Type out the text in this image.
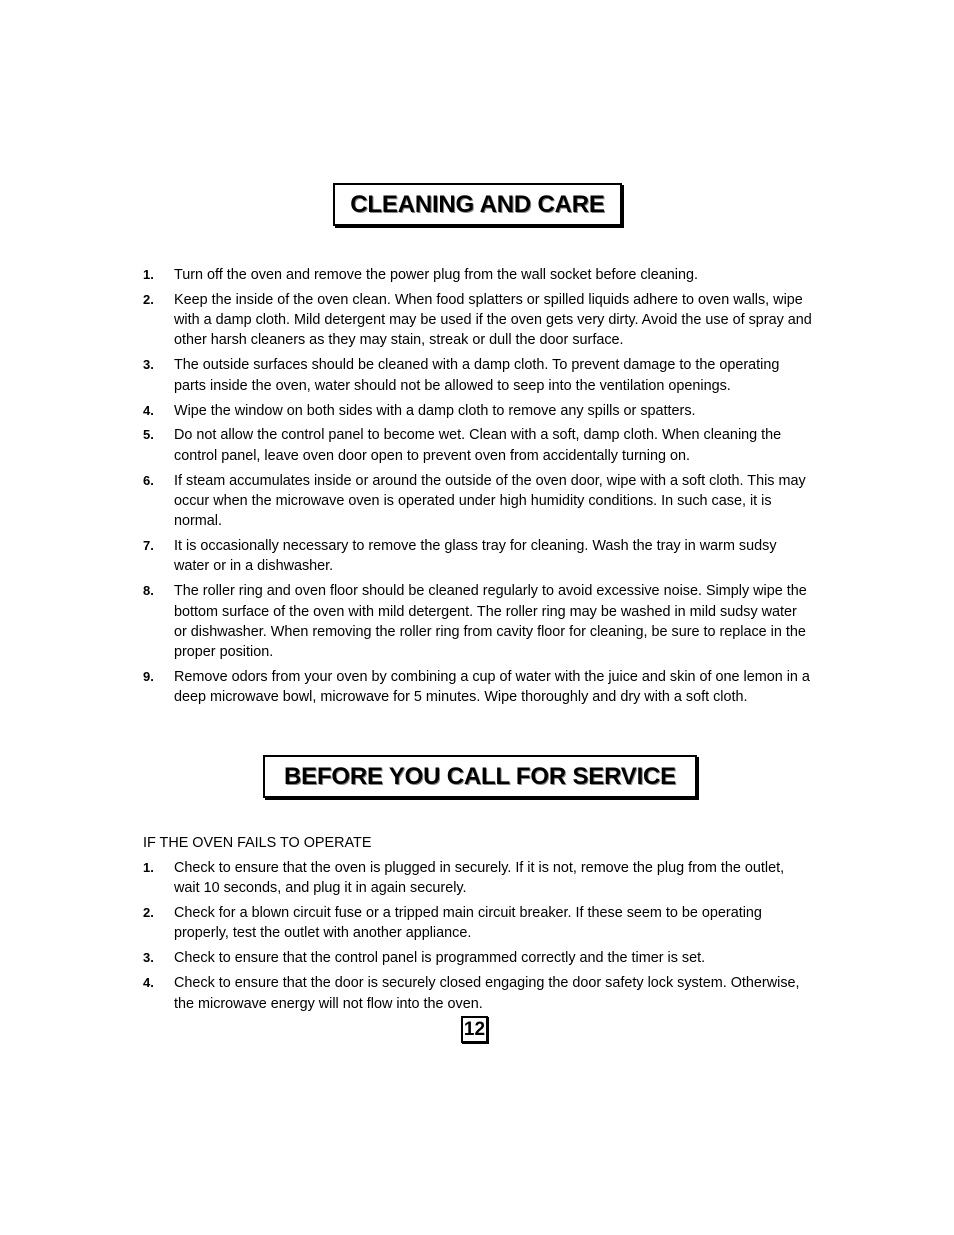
CLEANING AND CARE
1.	Turn off the oven and remove the power plug from the wall socket before cleaning.
2.	Keep the inside of the oven clean. When food splatters or spilled liquids adhere to oven walls, wipe with a damp cloth. Mild detergent may be used if the oven gets very dirty. Avoid the use of spray and other harsh cleaners as they may stain, streak or dull the door surface.
3.	The outside surfaces should be cleaned with a damp cloth. To prevent damage to the operating parts inside the oven, water should not be allowed to seep into the ventilation openings.
4.	Wipe the window on both sides with a damp cloth to remove any spills or spatters.
5.	Do not allow the control panel to become wet. Clean with a soft, damp cloth. When cleaning the control panel, leave oven door open to prevent oven from accidentally turning on.
6.	If steam accumulates inside or around the outside of the oven door, wipe with a soft cloth. This may occur when the microwave oven is operated under high humidity conditions. In such case, it is normal.
7.	It is occasionally necessary to remove the glass tray for cleaning. Wash the tray in warm sudsy water or in a dishwasher.
8.	The roller ring and oven floor should be cleaned regularly to avoid excessive noise. Simply wipe the bottom surface of the oven with mild detergent. The roller ring may be washed in mild sudsy water or dishwasher. When removing the roller ring from cavity floor for cleaning, be sure to replace in the proper position.
9.	Remove odors from your oven by combining a cup of water with the juice and skin of one lemon in a deep microwave bowl, microwave for 5 minutes. Wipe thoroughly and dry with a soft cloth.
BEFORE YOU CALL FOR SERVICE
IF THE OVEN FAILS TO OPERATE
1.	Check to ensure that the oven is plugged in securely. If it is not, remove the plug from the outlet, wait 10 seconds, and plug it in again securely.
2.	Check for a blown circuit fuse or a tripped main circuit breaker. If these seem to be operating properly, test the outlet with another appliance.
3.	Check to ensure that the control panel is programmed correctly and the timer is set.
4.	Check to ensure that the door is securely closed engaging the door safety lock system. Otherwise, the microwave energy will not flow into the oven.
12
